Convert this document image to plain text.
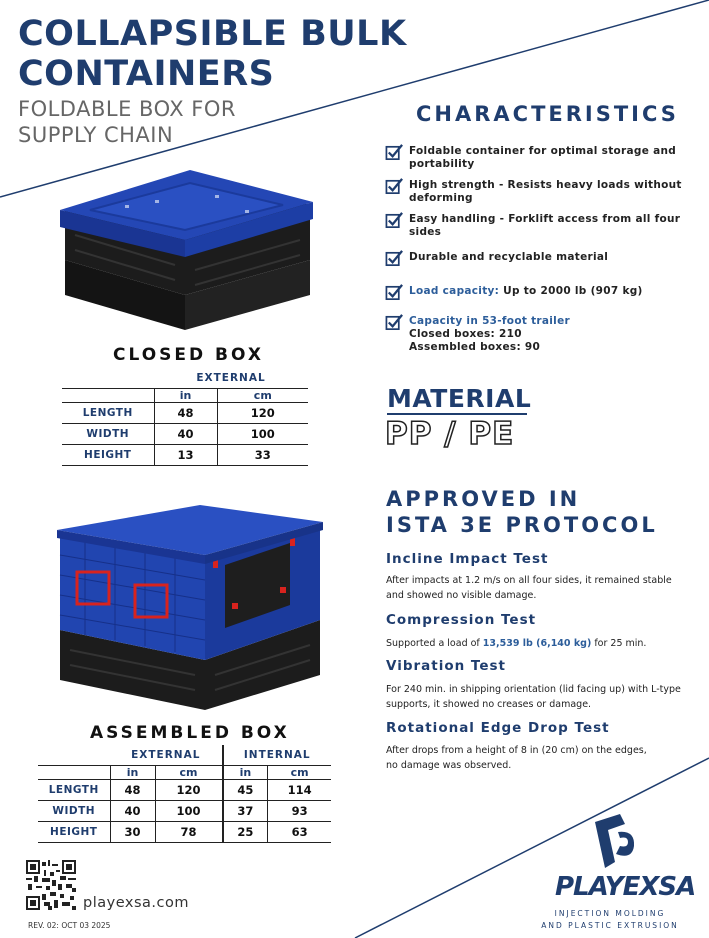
COLLAPSIBLE BULK
CONTAINERS
FOLDABLE BOX FOR
SUPPLY CHAIN
CLOSED BOX
	EXTERNAL	
	in	cm
LENGTH	48	120
WIDTH	40	100
HEIGHT	13	33
ASSEMBLED BOX
	EXTERNAL		INTERNAL	
	in	cm	in	cm
LENGTH	48	120	45	114
WIDTH	40	100	37	93
HEIGHT	30	78	25	63
CHARACTERISTICS
Foldable container for optimal storage and
portability
High strength - Resists heavy loads without
deforming
Easy handling - Forklift access from all four
sides
Durable and recyclable material
Load capacity: Up to 2000 lb (907 kg)
Capacity in 53-foot trailer
Closed boxes: 210
Assembled boxes: 90
MATERIAL
PP / PE
APPROVED IN
ISTA 3E PROTOCOL
Incline Impact Test
After impacts at 1.2 m/s on all four sides, it remained stable
and showed no visible damage.
Compression Test
Supported a load of 13,539 lb (6,140 kg) for 25 min.
Vibration Test
For 240 min. in shipping orientation (lid facing up) with L-type
supports, it showed no creases or damage.
Rotational Edge Drop Test
After drops from a height of 8 in (20 cm) on the edges,
no damage was observed.
playexsa.com
REV. 02: OCT 03 2025
PLAYEXSA
INJECTION MOLDING
AND PLASTIC EXTRUSION
